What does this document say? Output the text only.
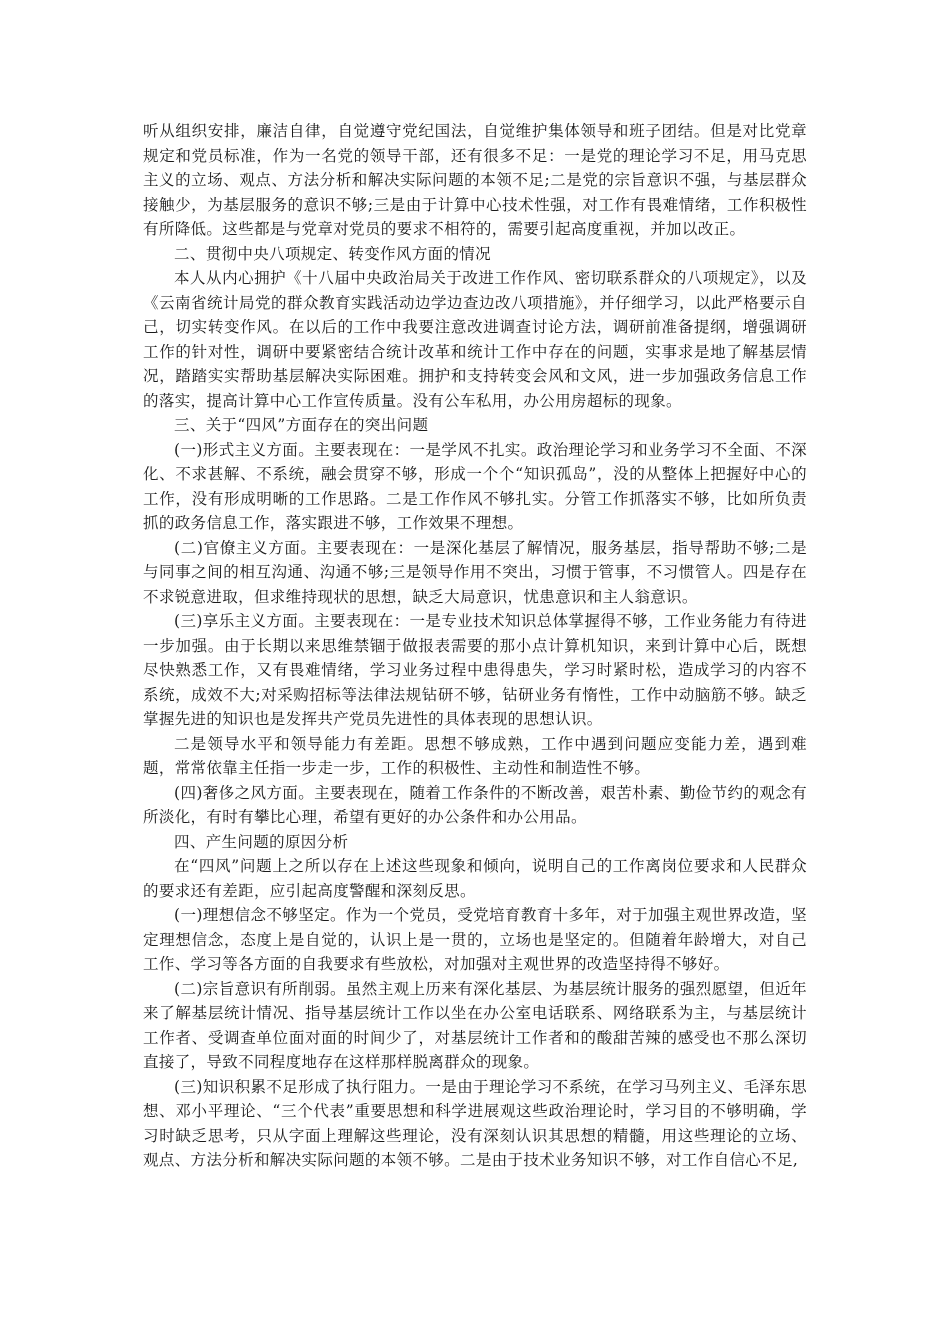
听从组织安排，廉洁自律，自觉遵守党纪国法，自觉维护集体领导和班子团结。但是对比党章规定和党员标准，作为一名党的领导干部，还有很多不足：一是党的理论学习不足，用马克思主义的立场、观点、方法分析和解决实际问题的本领不足;二是党的宗旨意识不强，与基层群众接触少，为基层服务的意识不够;三是由于计算中心技术性强，对工作有畏难情绪，工作积极性有所降低。这些都是与党章对党员的要求不相符的，需要引起高度重视，并加以改正。

二、贯彻中央八项规定、转变作风方面的情况

本人从内心拥护《十八届中央政治局关于改进工作作风、密切联系群众的八项规定》，以及《云南省统计局党的群众教育实践活动边学边查边改八项措施》，并仔细学习，以此严格要示自己，切实转变作风。在以后的工作中我要注意改进调查讨论方法，调研前准备提纲，增强调研工作的针对性，调研中要紧密结合统计改革和统计工作中存在的问题，实事求是地了解基层情况，踏踏实实帮助基层解决实际困难。拥护和支持转变会风和文风，进一步加强政务信息工作的落实，提高计算中心工作宣传质量。没有公车私用，办公用房超标的现象。

三、关于“四风”方面存在的突出问题

(一)形式主义方面。主要表现在：一是学风不扎实。政治理论学习和业务学习不全面、不深化、不求甚解、不系统，融会贯穿不够，形成一个个“知识孤岛”，没的从整体上把握好中心的工作，没有形成明晰的工作思路。二是工作作风不够扎实。分管工作抓落实不够，比如所负责抓的政务信息工作，落实跟进不够，工作效果不理想。

(二)官僚主义方面。主要表现在：一是深化基层了解情况，服务基层，指导帮助不够;二是与同事之间的相互沟通、沟通不够;三是领导作用不突出，习惯于管事，不习惯管人。四是存在不求锐意进取，但求维持现状的思想，缺乏大局意识，忧患意识和主人翁意识。

(三)享乐主义方面。主要表现在：一是专业技术知识总体掌握得不够，工作业务能力有待进一步加强。由于长期以来思维禁锢于做报表需要的那小点计算机知识，来到计算中心后，既想尽快熟悉工作，又有畏难情绪，学习业务过程中患得患失，学习时紧时松，造成学习的内容不系统，成效不大;对采购招标等法律法规钻研不够，钻研业务有惰性，工作中动脑筋不够。缺乏掌握先进的知识也是发挥共产党员先进性的具体表现的思想认识。

二是领导水平和领导能力有差距。思想不够成熟，工作中遇到问题应变能力差，遇到难题，常常依靠主任指一步走一步，工作的积极性、主动性和制造性不够。

(四)奢侈之风方面。主要表现在，随着工作条件的不断改善，艰苦朴素、勤俭节约的观念有所淡化，有时有攀比心理，希望有更好的办公条件和办公用品。

四、产生问题的原因分析

在“四风”问题上之所以存在上述这些现象和倾向，说明自己的工作离岗位要求和人民群众的要求还有差距，应引起高度警醒和深刻反思。

(一)理想信念不够坚定。作为一个党员，受党培育教育十多年，对于加强主观世界改造，坚定理想信念，态度上是自觉的，认识上是一贯的，立场也是坚定的。但随着年龄增大，对自己工作、学习等各方面的自我要求有些放松，对加强对主观世界的改造坚持得不够好。

(二)宗旨意识有所削弱。虽然主观上历来有深化基层、为基层统计服务的强烈愿望，但近年来了解基层统计情况、指导基层统计工作以坐在办公室电话联系、网络联系为主，与基层统计工作者、受调查单位面对面的时间少了，对基层统计工作者和的酸甜苦辣的感受也不那么深切直接了，导致不同程度地存在这样那样脱离群众的现象。

(三)知识积累不足形成了执行阻力。一是由于理论学习不系统，在学习马列主义、毛泽东思想、邓小平理论、“三个代表”重要思想和科学进展观这些政治理论时，学习目的不够明确，学习时缺乏思考，只从字面上理解这些理论，没有深刻认识其思想的精髓，用这些理论的立场、观点、方法分析和解决实际问题的本领不够。二是由于技术业务知识不够，对工作自信心不足,
